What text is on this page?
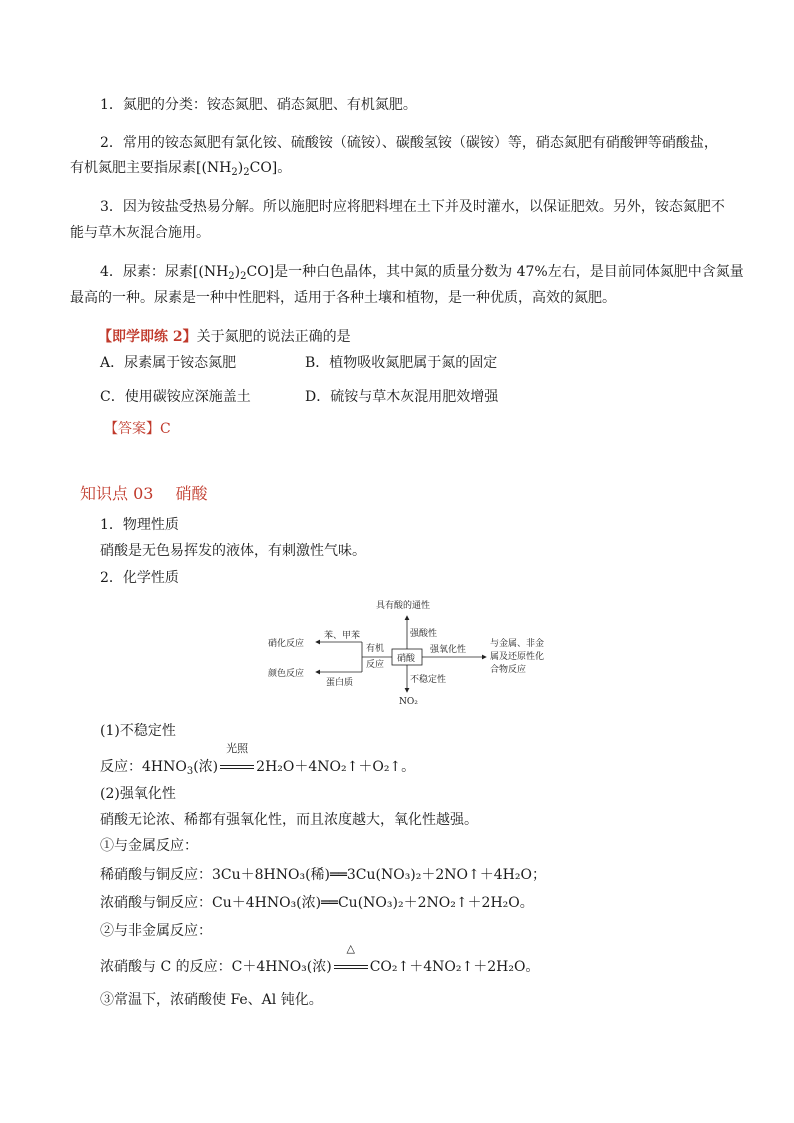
1．氮肥的分类：铵态氮肥、硝态氮肥、有机氮肥。
2．常用的铵态氮肥有氯化铵、硫酸铵（硫铵）、碳酸氢铵（碳铵）等，硝态氮肥有硝酸钾等硝酸盐，
有机氮肥主要指尿素$[(NH_2)_2CO]$。
3．因为铵盐受热易分解。所以施肥时应将肥料埋在土下并及时灌水，以保证肥效。另外，铵态氮肥不
能与草木灰混合施用。
4．尿素：尿素$[(NH_2)_2CO]$是一种白色晶体，其中氮的质量分数为 47%左右，是目前同体氮肥中含氮量
最高的一种。尿素是一种中性肥料，适用于各种土壤和植物，是一种优质，高效的氮肥。
【即学即练 2】关于氮肥的说法正确的是
A．尿素属于铵态氮肥	B．植物吸收氮肥属于氮的固定
C．使用碳铵应深施盖土	D．硫铵与草木灰混用肥效增强
【答案】C
知识点 03 硝酸
1．物理性质
硝酸是无色易挥发的液体，有刺激性气味。
2．化学性质
硝酸
具有酸的通性
强酸性
强氧化性
与金属、非金
属及还原性化
合物反应
不稳定性
NO₂
有机
反应
苯、甲苯
蛋白质
硝化反应
颜色反应
(1)不稳定性
反应：$4HNO_3$(浓)
光照
2H₂O＋4NO₂↑＋O₂↑。
(2)强氧化性
硝酸无论浓、稀都有强氧化性，而且浓度越大，氧化性越强。
①与金属反应：
稀硝酸与铜反应：3Cu＋8HNO₃(稀)══3Cu(NO₃)₂＋2NO↑＋4H₂O；
浓硝酸与铜反应：Cu＋4HNO₃(浓)══Cu(NO₃)₂＋2NO₂↑＋2H₂O。
②与非金属反应：
浓硝酸与 C 的反应：C＋4HNO₃(浓)
△
CO₂↑＋4NO₂↑＋2H₂O。
③常温下，浓硝酸使 Fe、Al 钝化。
